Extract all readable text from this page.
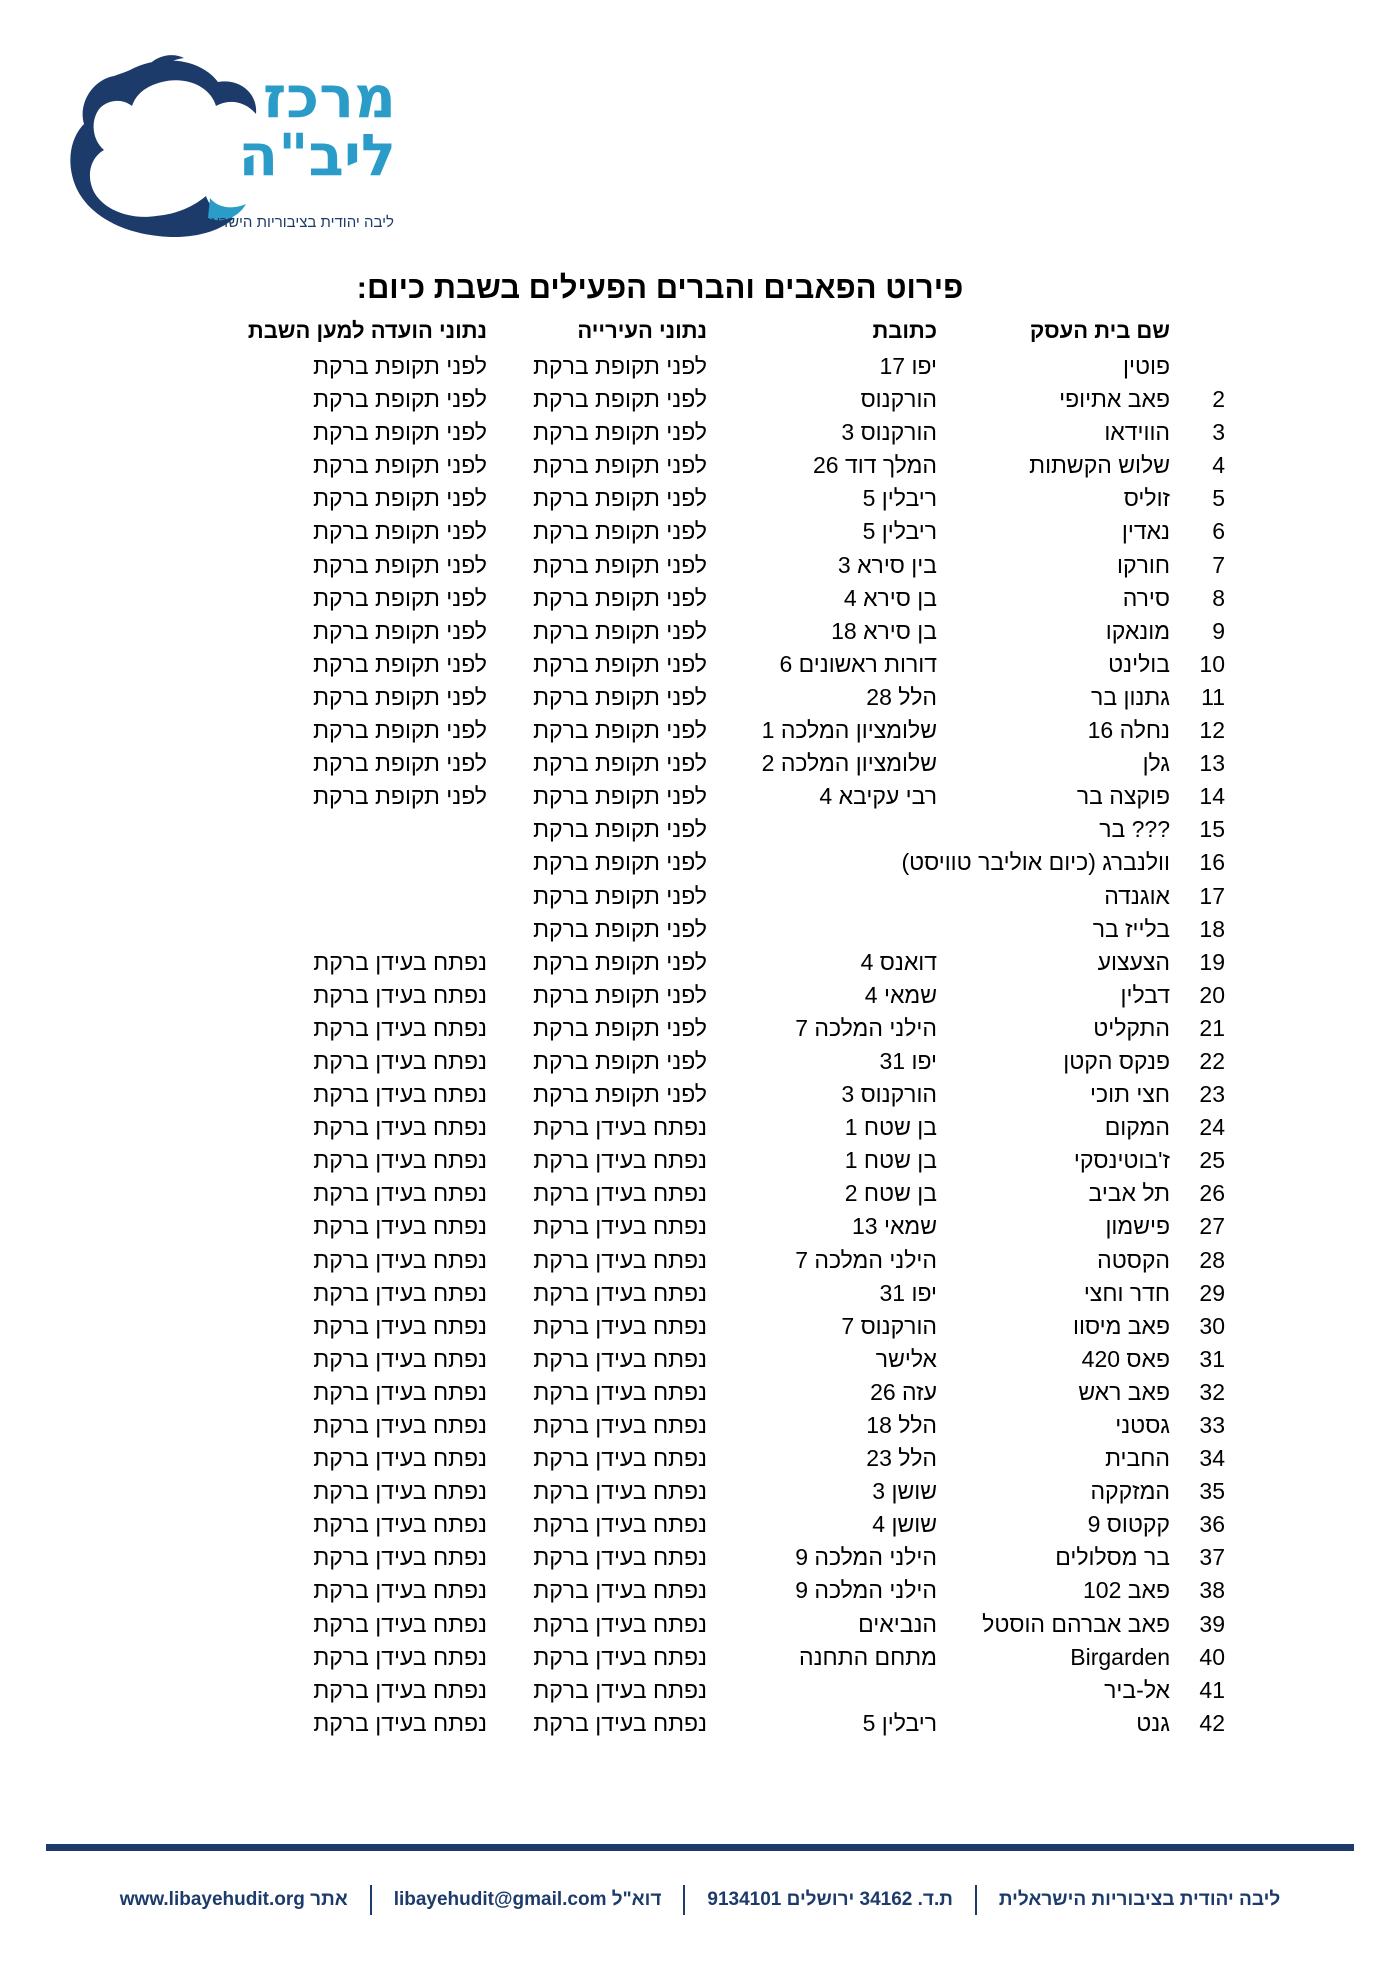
מרכז
ליב"ה
ליבה יהודית בציבוריות הישראלית
פירוט הפאבים והברים הפעילים בשבת כיום:
שם בית העסק
כתובת
נתוני העירייה
נתוני הועדה למען השבת
פוטין
יפו 17
לפני תקופת ברקת
לפני תקופת ברקת
2
פאב אתיופי
הורקנוס
לפני תקופת ברקת
לפני תקופת ברקת
3
הווידאו
הורקנוס 3
לפני תקופת ברקת
לפני תקופת ברקת
4
שלוש הקשתות
המלך דוד 26
לפני תקופת ברקת
לפני תקופת ברקת
5
זוליס
ריבלין 5
לפני תקופת ברקת
לפני תקופת ברקת
6
נאדין
ריבלין 5
לפני תקופת ברקת
לפני תקופת ברקת
7
חורקו
בין סירא 3
לפני תקופת ברקת
לפני תקופת ברקת
8
סירה
בן סירא 4
לפני תקופת ברקת
לפני תקופת ברקת
9
מונאקו
בן סירא 18
לפני תקופת ברקת
לפני תקופת ברקת
10
בולינט
דורות ראשונים 6
לפני תקופת ברקת
לפני תקופת ברקת
11
גתנון בר
הלל 28
לפני תקופת ברקת
לפני תקופת ברקת
12
נחלה 16
שלומציון המלכה 1
לפני תקופת ברקת
לפני תקופת ברקת
13
גלן
שלומציון המלכה 2
לפני תקופת ברקת
לפני תקופת ברקת
14
פוקצה בר
רבי עקיבא 4
לפני תקופת ברקת
לפני תקופת ברקת
15
??? בר
לפני תקופת ברקת
16
וולנברג (כיום אוליבר טוויסט)
לפני תקופת ברקת
17
אוגנדה
לפני תקופת ברקת
18
בלייז בר
לפני תקופת ברקת
19
הצעצוע
דואנס 4
לפני תקופת ברקת
נפתח בעידן ברקת
20
דבלין
שמאי 4
לפני תקופת ברקת
נפתח בעידן ברקת
21
התקליט
הילני המלכה 7
לפני תקופת ברקת
נפתח בעידן ברקת
22
פנקס הקטן
יפו 31
לפני תקופת ברקת
נפתח בעידן ברקת
23
חצי תוכי
הורקנוס 3
לפני תקופת ברקת
נפתח בעידן ברקת
24
המקום
בן שטח 1
נפתח בעידן ברקת
נפתח בעידן ברקת
25
ז'בוטינסקי
בן שטח 1
נפתח בעידן ברקת
נפתח בעידן ברקת
26
תל אביב
בן שטח 2
נפתח בעידן ברקת
נפתח בעידן ברקת
27
פישמון
שמאי 13
נפתח בעידן ברקת
נפתח בעידן ברקת
28
הקסטה
הילני המלכה 7
נפתח בעידן ברקת
נפתח בעידן ברקת
29
חדר וחצי
יפו 31
נפתח בעידן ברקת
נפתח בעידן ברקת
30
פאב מיסוו
הורקנוס 7
נפתח בעידן ברקת
נפתח בעידן ברקת
31
פאס 420
אלישר
נפתח בעידן ברקת
נפתח בעידן ברקת
32
פאב ראש
עזה 26
נפתח בעידן ברקת
נפתח בעידן ברקת
33
גסטני
הלל 18
נפתח בעידן ברקת
נפתח בעידן ברקת
34
החבית
הלל 23
נפתח בעידן ברקת
נפתח בעידן ברקת
35
המזקקה
שושן 3
נפתח בעידן ברקת
נפתח בעידן ברקת
36
קקטוס 9
שושן 4
נפתח בעידן ברקת
נפתח בעידן ברקת
37
בר מסלולים
הילני המלכה 9
נפתח בעידן ברקת
נפתח בעידן ברקת
38
פאב 102
הילני המלכה 9
נפתח בעידן ברקת
נפתח בעידן ברקת
39
פאב אברהם הוסטל
הנביאים
נפתח בעידן ברקת
נפתח בעידן ברקת
40
Birgarden
מתחם התחנה
נפתח בעידן ברקת
נפתח בעידן ברקת
41
אל-ביר
נפתח בעידן ברקת
נפתח בעידן ברקת
42
גנט
ריבלין 5
נפתח בעידן ברקת
נפתח בעידן ברקת
ליבה יהודית בציבוריות הישראלית
ת.ד. 34162 ירושלים 9134101
דוא"ל libayehudit@gmail.com
אתר www.libayehudit.org
